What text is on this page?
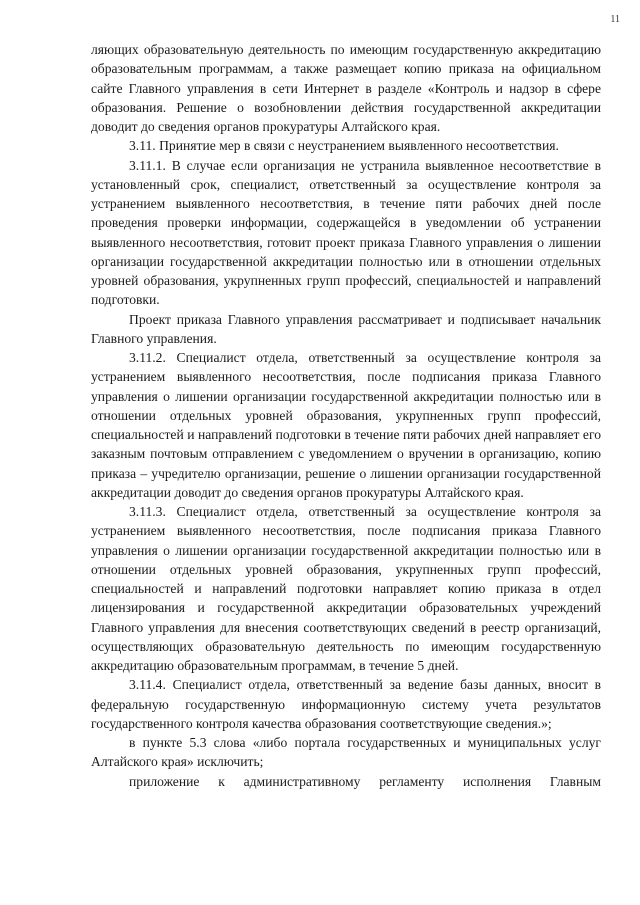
11

ляющих образовательную деятельность по имеющим государственную аккредитацию образовательным программам, а также размещает копию приказа на официальном сайте Главного управления в сети Интернет в разделе «Контроль и надзор в сфере образования. Решение о возобновлении действия государственной аккредитации доводит до сведения органов прокуратуры Алтайского края.

3.11. Принятие мер в связи с неустранением выявленного несоответствия.

3.11.1. В случае если организация не устранила выявленное несоответствие в установленный срок, специалист, ответственный за осуществление контроля за устранением выявленного несоответствия, в течение пяти рабочих дней после проведения проверки информации, содержащейся в уведомлении об устранении выявленного несоответствия, готовит проект приказа Главного управления о лишении организации государственной аккредитации полностью или в отношении отдельных уровней образования, укрупненных групп профессий, специальностей и направлений подготовки.

Проект приказа Главного управления рассматривает и подписывает начальник Главного управления.

3.11.2. Специалист отдела, ответственный за осуществление контроля за устранением выявленного несоответствия, после подписания приказа Главного управления о лишении организации государственной аккредитации полностью или в отношении отдельных уровней образования, укрупненных групп профессий, специальностей и направлений подготовки в течение пяти рабочих дней направляет его заказным почтовым отправлением с уведомлением о вручении в организацию, копию приказа – учредителю организации, решение о лишении организации государственной аккредитации доводит до сведения органов прокуратуры Алтайского края.

3.11.3. Специалист отдела, ответственный за осуществление контроля за устранением выявленного несоответствия, после подписания приказа Главного управления о лишении организации государственной аккредитации полностью или в отношении отдельных уровней образования, укрупненных групп профессий, специальностей и направлений подготовки направляет копию приказа в отдел лицензирования и государственной аккредитации образовательных учреждений Главного управления для внесения соответствующих сведений в реестр организаций, осуществляющих образовательную деятельность по имеющим государственную аккредитацию образовательным программам, в течение 5 дней.

3.11.4. Специалист отдела, ответственный за ведение базы данных, вносит в федеральную государственную информационную систему учета результатов государственного контроля качества образования соответствующие сведения.»;

в пункте 5.3 слова «либо портала государственных и муниципальных услуг Алтайского края» исключить;

приложение к административному регламенту исполнения Главным
